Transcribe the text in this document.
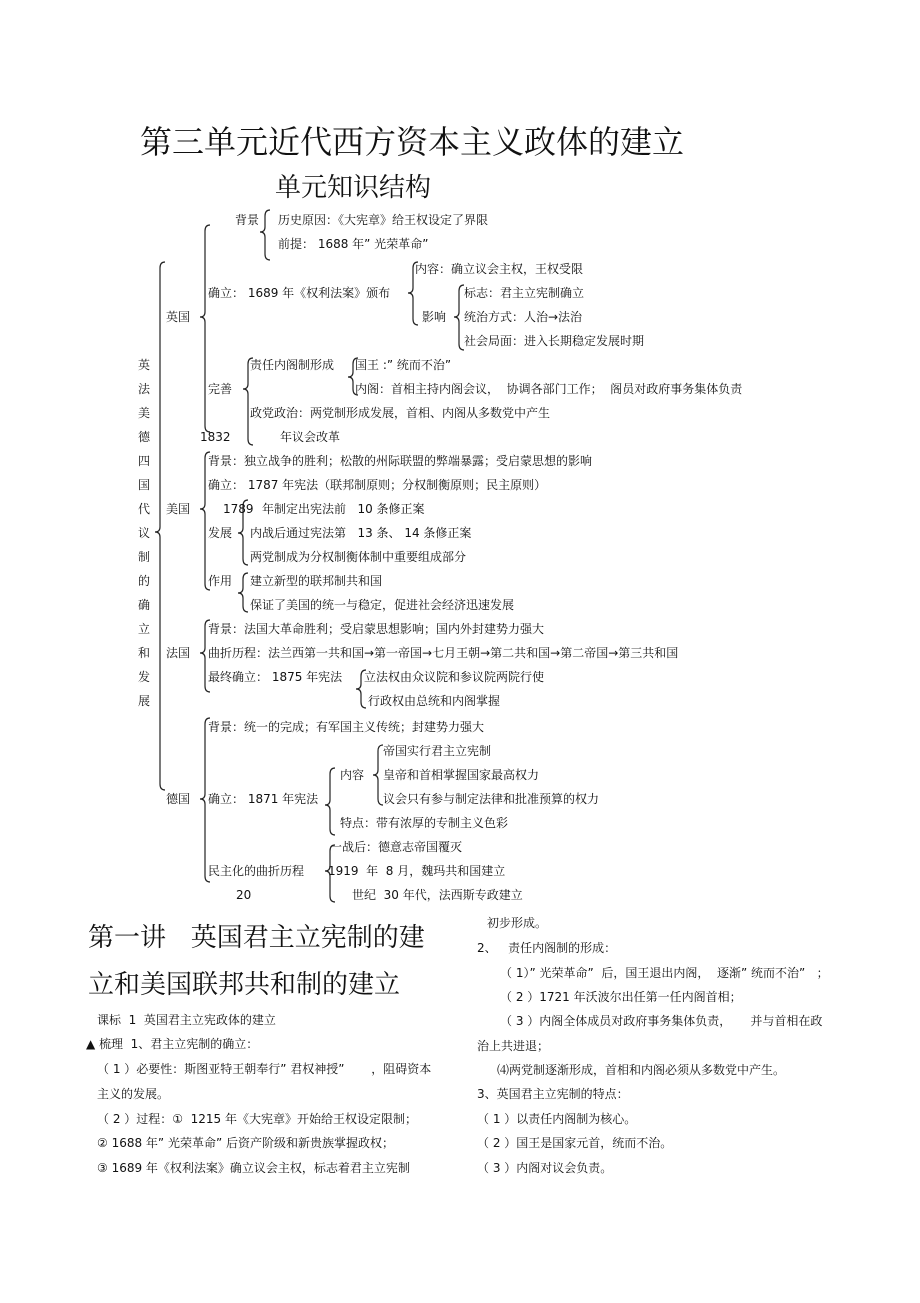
第三单元近代西方资本主义政体的建立
单元知识结构
英国
背景 历史原因：《大宪章》给王权设定了界限
前提： 1688 年” 光荣革命”
确立： 1689 年《权利法案》颁布
内容：确立议会主权，王权受限
影响
标志：君主立宪制确立
统治方式：人治→法治
社会局面：进入长期稳定发展时期
完善
责任内阁制形成 国王 :” 统而不治”
内阁：首相主持内阁会议，  协调各部门工作；  阁员对政府事务集体负责
政党政治：两党制形成发展，首相、内阁从多数党中产生
1832	年议会改革
美国
背景：独立战争的胜利；松散的州际联盟的弊端暴露；受启蒙思想的影响
确立： 1787 年宪法（联邦制原则；分权制衡原则；民主原则）
1789 年制定出宪法前   10 条修正案
发展 内战后通过宪法第   13 条、 14 条修正案
两党制成为分权制衡体制中重要组成部分
作用 建立新型的联邦制共和国
保证了美国的统一与稳定，促进社会经济迅速发展
法国
背景：法国大革命胜利；受启蒙思想影响；国内外封建势力强大
曲折历程：法兰西第一共和国→第一帝国→七月王朝→第二共和国→第二帝国→第三共和国
最终确立： 1875 年宪法 立法权由众议院和参议院两院行使
行政权由总统和内阁掌握
德国
背景：统一的完成；有军国主义传统；封建势力强大
内容
帝国实行君主立宪制
皇帝和首相掌握国家最高权力
议会只有参与制定法律和批准预算的权力
确立： 1871 年宪法
特点：带有浓厚的专制主义色彩
民主化的曲折历程
一战后：德意志帝国覆灭
1919  年  8 月，魏玛共和国建立
20	世纪  30 年代，法西斯专政建立
第一讲   英国君主立宪制的建
立和美国联邦共和制的建立
课标  1  英国君主立宪政体的建立
▲ 梳理  1、君主立宪制的确立：
（ 1 ）必要性：斯图亚特王朝奉行” 君权神授”       ，阻碍资本
主义的发展。
（ 2 ）过程：①  1215 年《大宪章》开始给王权设定限制；
② 1688 年” 光荣革命” 后资产阶级和新贵族掌握政权；
③ 1689 年《权利法案》确立议会主权，标志着君主立宪制
初步形成。
2、   责任内阁制的形成：
（ 1）” 光荣革命”  后，国王退出内阁，  逐渐” 统而不治”   ；
（ 2 ）1721 年沃波尔出任第一任内阁首相；
（ 3 ）内阁全体成员对政府事务集体负责，     并与首相在政
治上共进退；
⑷两党制逐渐形成，首相和内阁必须从多数党中产生。
3、英国君主立宪制的特点：
（ 1 ）以责任内阁制为核心。
（ 2 ）国王是国家元首，统而不治。
（ 3 ）内阁对议会负责。
英
法
美
德
四
国
代
议
制
的
确
立
和
发
展
